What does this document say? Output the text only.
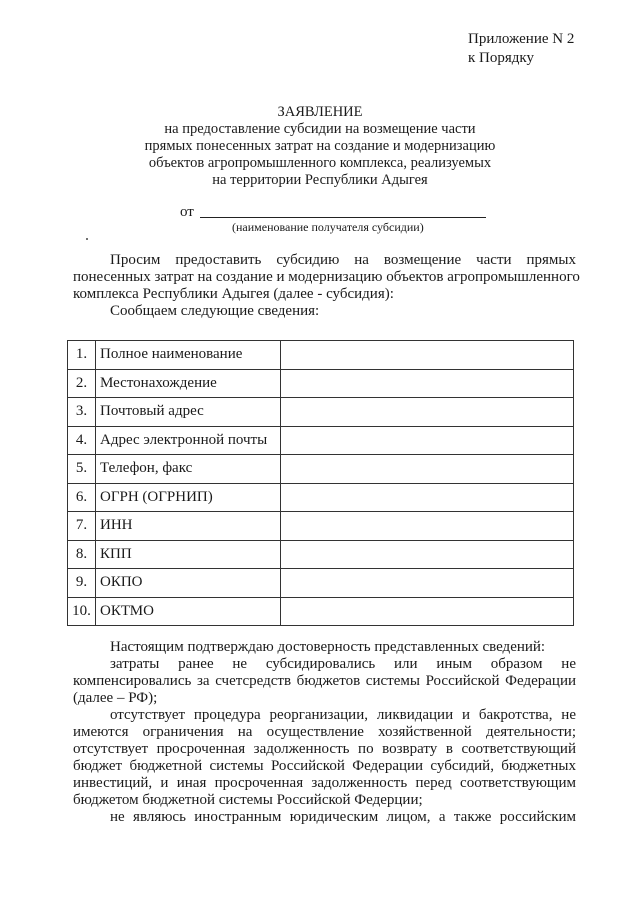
Приложение N 2
к Порядку
ЗАЯВЛЕНИЕ
на предоставление субсидии на возмещение части
прямых понесенных затрат на создание и модернизацию
объектов агропромышленного комплекса, реализуемых
на территории Республики Адыгея
от
(наименование получателя субсидии)
Просим предоставить субсидию на возмещение части прямых
понесенных затрат на создание и модернизацию объектов агропромышленного
комплекса Республики Адыгея (далее - субсидия):
Сообщаем следующие сведения:
1.	Полное наименование	
2.	Местонахождение	
3.	Почтовый адрес	
4.	Адрес электронной почты	
5.	Телефон, факс	
6.	ОГРН (ОГРНИП)	
7.	ИНН	
8.	КПП	
9.	ОКПО	
10.	ОКТМО	
Настоящим подтверждаю достоверность представленных сведений:
затраты ранее не субсидировались или иным образом не
компенсировались за счетсредств бюджетов системы Российской Федерации
(далее – РФ);
отсутствует процедура реорганизации, ликвидации и бакротства, не
имеются ограничения на осуществление хозяйственной деятельности;
отсутствует просроченная задолженность по возврату в соответствующий
бюджет бюджетной системы Российской Федерации субсидий, бюджетных
инвестиций, и иная просроченная задолженность перед соответствующим
бюджетом бюджетной системы Российской Федерции;
не являюсь иностранным юридическим лицом, а также российским
